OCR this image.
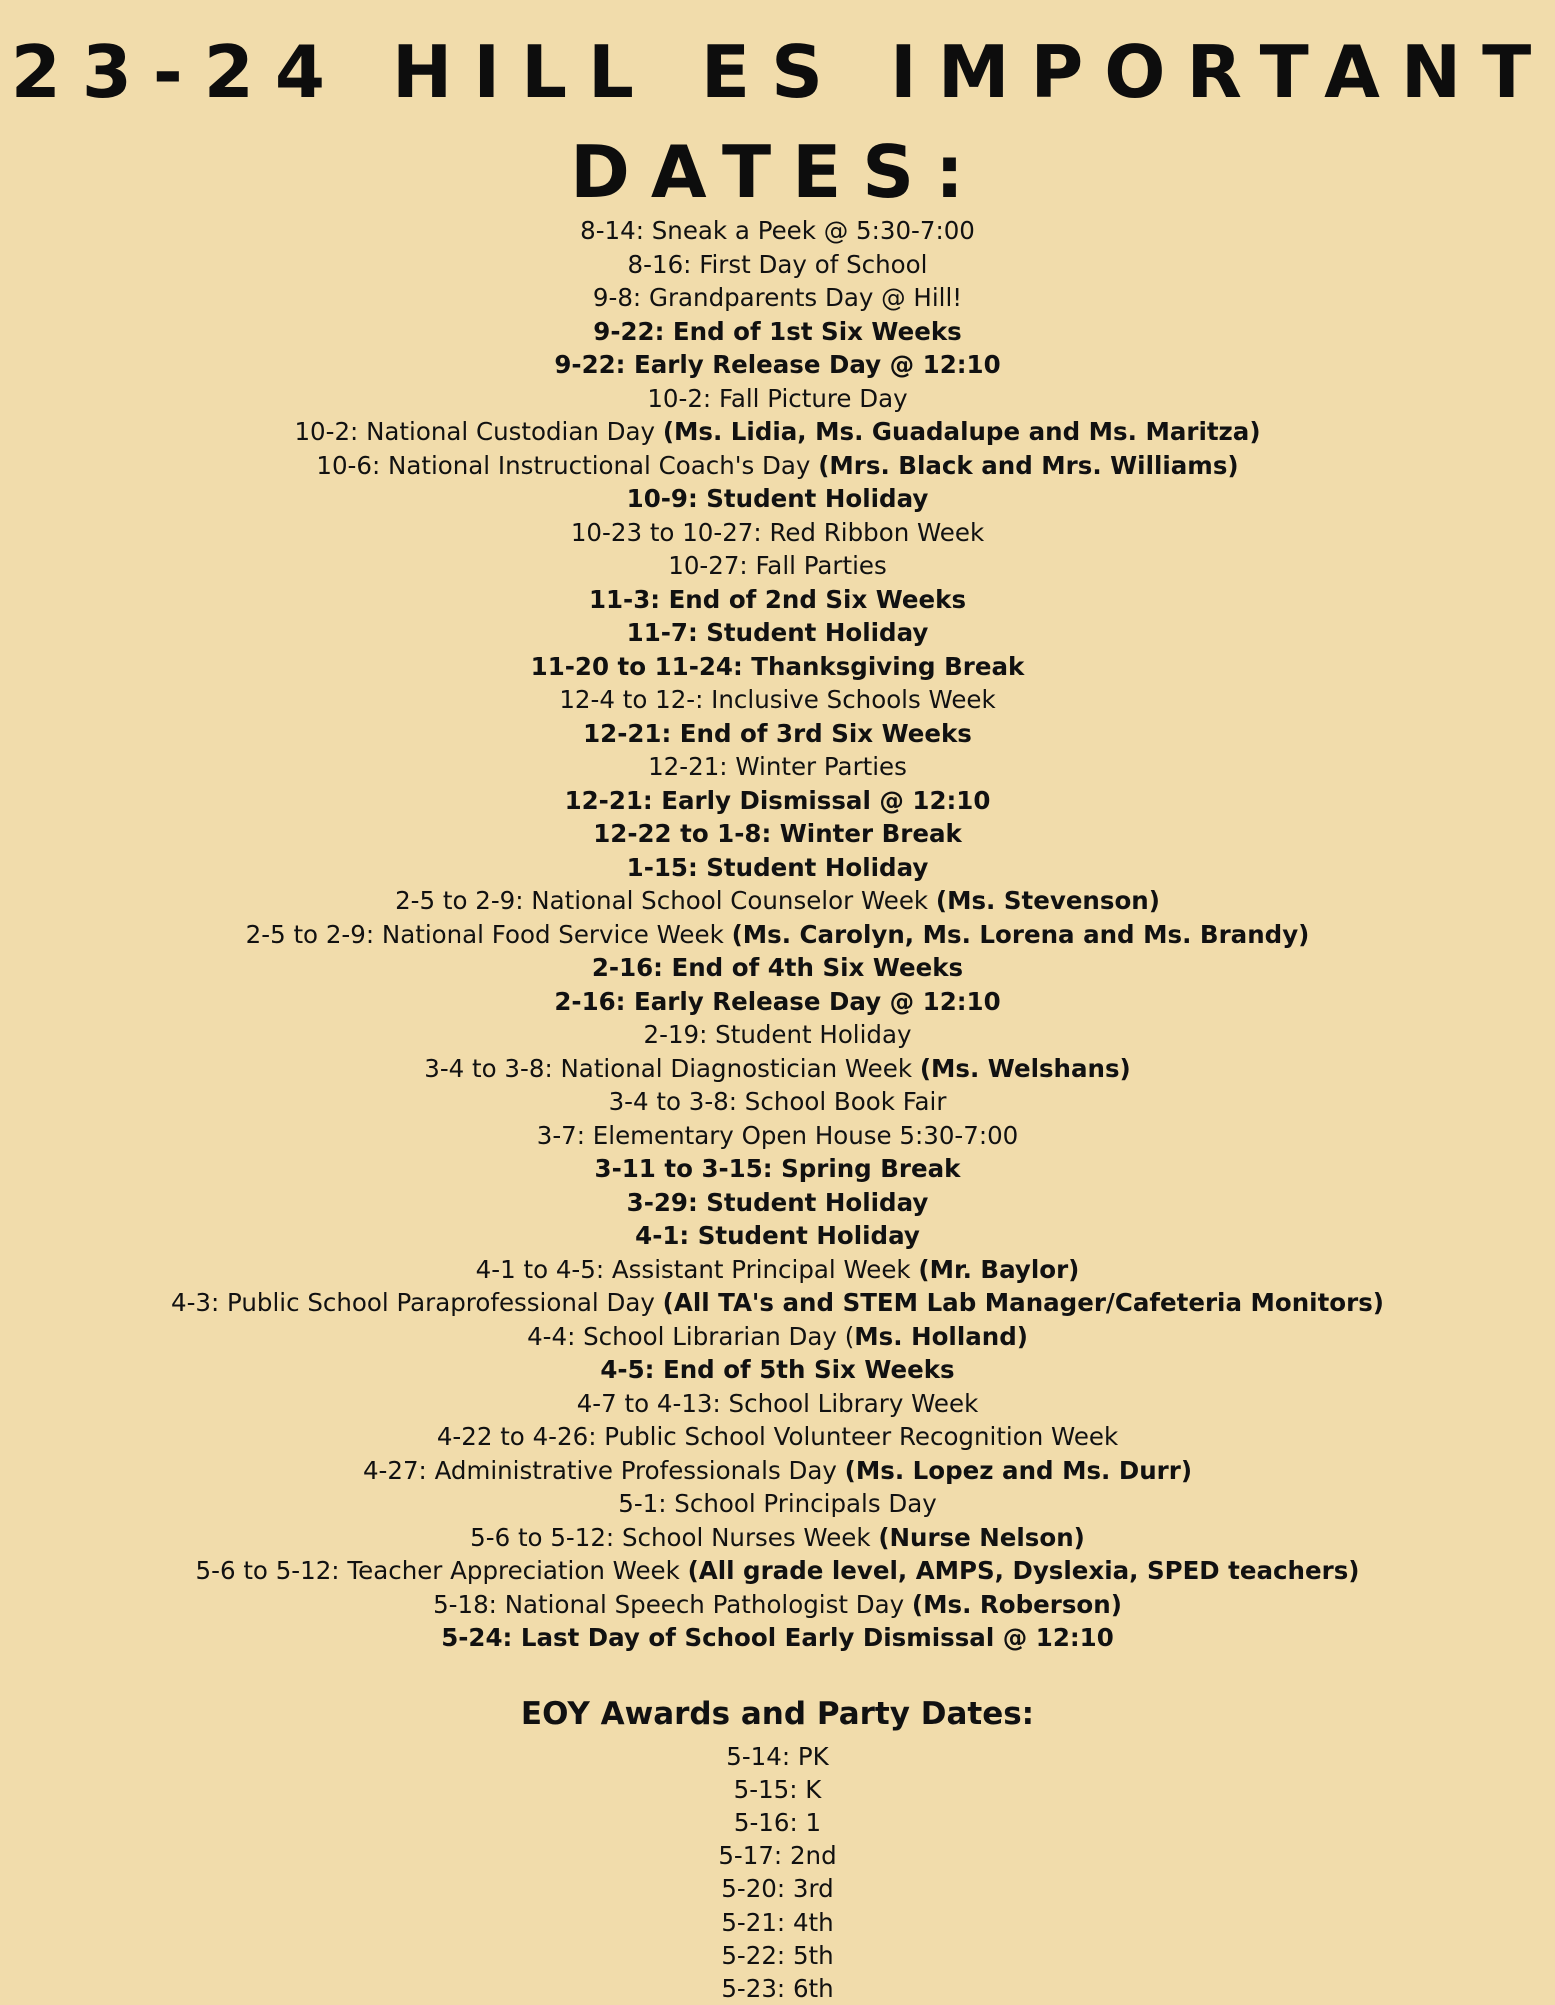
23-24 HILL ES IMPORTANT
DATES:
8-14: Sneak a Peek @ 5:30-7:00
8-16: First Day of School
9-8: Grandparents Day @ Hill!
9-22: End of 1st Six Weeks
9-22: Early Release Day @ 12:10
10-2: Fall Picture Day
10-2: National Custodian Day (Ms. Lidia, Ms. Guadalupe and Ms. Maritza)
10-6: National Instructional Coach's Day (Mrs. Black and Mrs. Williams)
10-9: Student Holiday
10-23 to 10-27: Red Ribbon Week
10-27: Fall Parties
11-3: End of 2nd Six Weeks
11-7: Student Holiday
11-20 to 11-24: Thanksgiving Break
12-4 to 12-: Inclusive Schools Week
12-21: End of 3rd Six Weeks
12-21: Winter Parties
12-21: Early Dismissal @ 12:10
12-22 to 1-8: Winter Break
1-15: Student Holiday
2-5 to 2-9: National School Counselor Week (Ms. Stevenson)
2-5 to 2-9: National Food Service Week (Ms. Carolyn, Ms. Lorena and Ms. Brandy)
2-16: End of 4th Six Weeks
2-16: Early Release Day @ 12:10
2-19: Student Holiday
3-4 to 3-8: National Diagnostician Week (Ms. Welshans)
3-4 to 3-8: School Book Fair
3-7: Elementary Open House 5:30-7:00
3-11 to 3-15: Spring Break
3-29: Student Holiday
4-1: Student Holiday
4-1 to 4-5: Assistant Principal Week (Mr. Baylor)
4-3: Public School Paraprofessional Day (All TA's and STEM Lab Manager/Cafeteria Monitors)
4-4: School Librarian Day (Ms. Holland)
4-5: End of 5th Six Weeks
4-7 to 4-13: School Library Week
4-22 to 4-26: Public School Volunteer Recognition Week
4-27: Administrative Professionals Day (Ms. Lopez and Ms. Durr)
5-1: School Principals Day
5-6 to 5-12: School Nurses Week (Nurse Nelson)
5-6 to 5-12: Teacher Appreciation Week (All grade level, AMPS, Dyslexia, SPED teachers)
5-18: National Speech Pathologist Day (Ms. Roberson)
5-24: Last Day of School Early Dismissal @ 12:10
EOY Awards and Party Dates:
5-14: PK
5-15: K
5-16: 1
5-17: 2nd
5-20: 3rd
5-21: 4th
5-22: 5th
5-23: 6th
